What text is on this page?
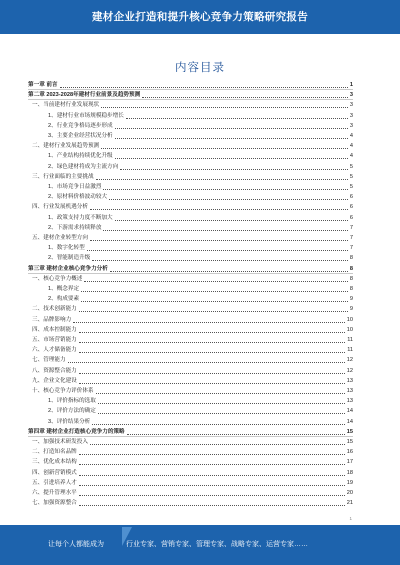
建材企业打造和提升核心竞争力策略研究报告
内容目录
第一章 前言	1
第二章 2023-2028年建材行业前景及趋势预测	3
一、当前建材行业发展现状	3
1、建材行业市场规模稳步增长	3
2、行业竞争格局逐步形成	3
3、主要企业经营状况分析	4
二、建材行业发展趋势预测	4
1、产业结构持续优化升级	4
2、绿色建材将成为主流方向	5
三、行业面临的主要挑战	5
1、市场竞争日益激烈	5
2、原材料价格波动较大	6
四、行业发展机遇分析	6
1、政策支持力度不断加大	6
2、下游需求持续释放	7
五、建材企业转型方向	7
1、数字化转型	7
2、智能制造升级	8
第三章 建材企业核心竞争力分析	8
一、核心竞争力概述	8
1、概念界定	8
2、构成要素	9
二、技术创新能力	9
三、品牌影响力	10
四、成本控制能力	10
五、市场营销能力	11
六、人才储备能力	11
七、管理能力	12
八、资源整合能力	12
九、企业文化建设	13
十、核心竞争力评价体系	13
1、评价指标的选取	13
2、评价方法的确定	14
3、评价结果分析	14
第四章 建材企业打造核心竞争力的策略	15
一、加强技术研发投入	15
二、打造知名品牌	16
三、优化成本结构	17
四、创新营销模式	18
五、引进培养人才	19
六、提升管理水平	20
七、加强资源整合	21
1
让每个人都能成为	行业专家、营销专家、管理专家、战略专家、运营专家……
